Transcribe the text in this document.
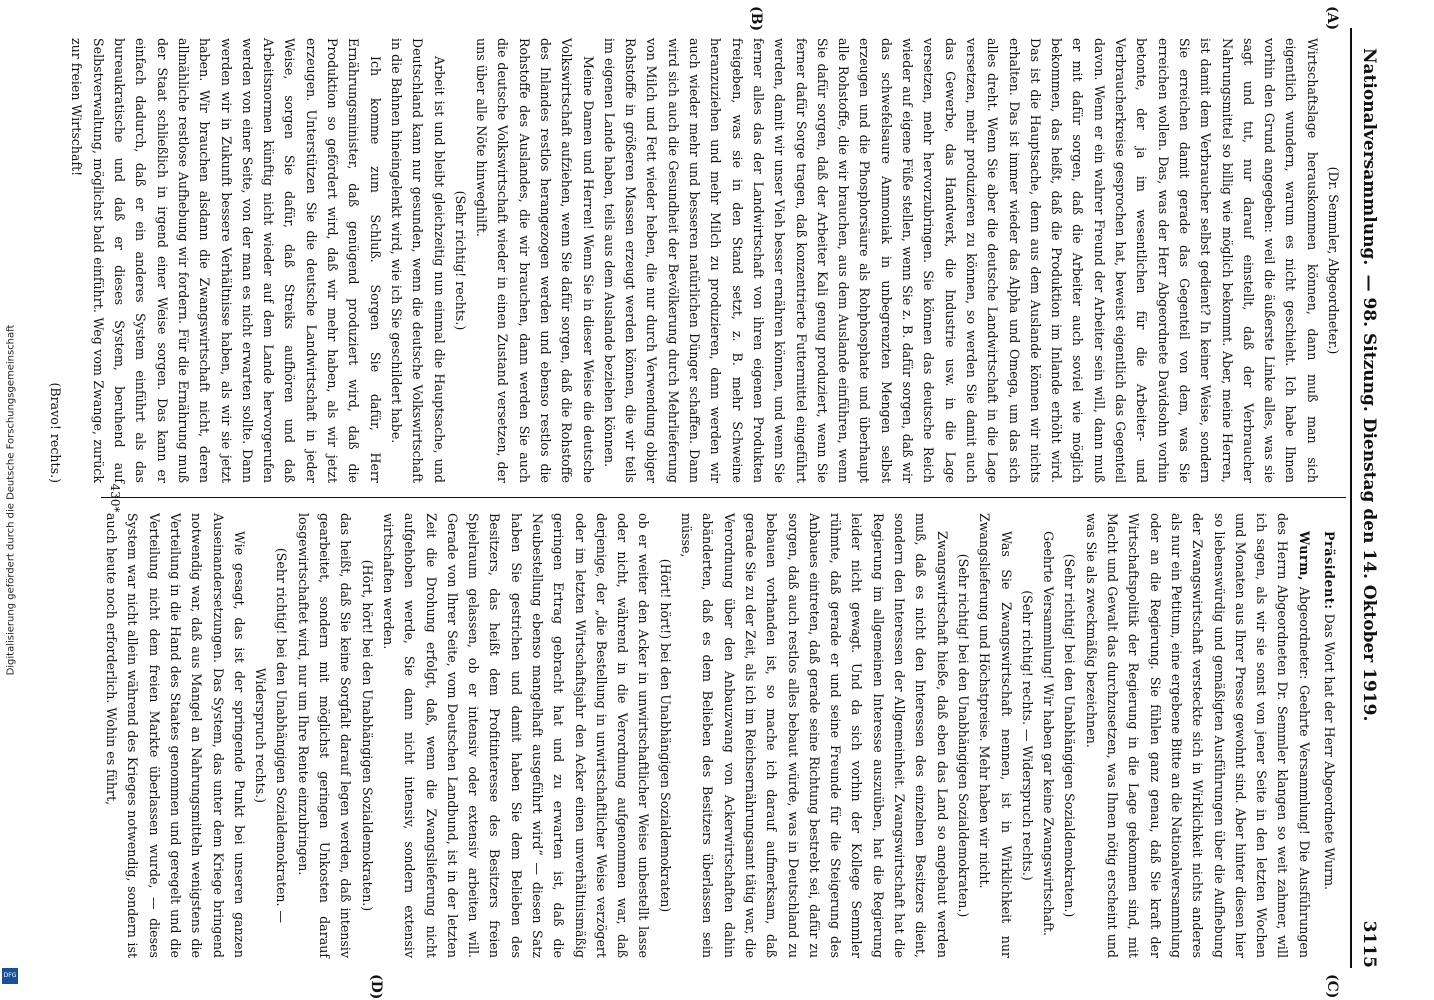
Digitalisierung gefördert durch die Deutsche Forschungsgemeinschaft
DFG
Nationalversammlung.
— 98. Sitzung. Dienstag den 14. Oktober 1919.
3115
(A)
(B)
(C)
(D)

(Dr. Semmler, Abgeordneter.)

Wirtschaftslage herauskommen können, dann muß man sich eigentlich wundern, warum es nicht geschieht. Ich habe Ihnen vorhin den Grund angegeben: weil die äußerste Linke alles, was sie sagt und tut, nur darauf einstellt, daß der Verbraucher Nahrungsmittel so billig wie möglich bekommt. Aber, meine Herren, ist damit dem Verbraucher selbst gedient? In keiner Weise, sondern Sie erreichen damit gerade das Gegenteil von dem, was Sie erreichen wollen. Das, was der Herr Abgeordnete Davidsohn vorhin betonte, der ja im wesentlichen für die Arbeiter- und Verbraucherkreise gesprochen hat, beweist eigentlich das Gegenteil davon. Wenn er ein wahrer Freund der Arbeiter sein will, dann muß er mit dafür sorgen, daß die Arbeiter auch soviel wie möglich bekommen, das heißt, daß die Produktion im Inlande erhöht wird. Das ist die Hauptsache, denn aus dem Auslande können wir nichts erhalten. Das ist immer wieder das Alpha und Omega, um das sich alles dreht. Wenn Sie aber die deutsche Landwirtschaft in die Lage versetzen, mehr produzieren zu können, so werden Sie damit auch das Gewerbe, das Handwerk, die Industrie usw. in die Lage versetzen, mehr hervorzubringen. Sie können das deutsche Reich wieder auf eigene Füße stellen, wenn Sie z. B. dafür sorgen, daß wir das schwefelsaure Ammoniak in unbegrenzten Mengen selbst erzeugen und die Phosphorsäure als Rohphosphate und überhaupt alle Rohstoffe, die wir brauchen, aus dem Auslande einführen, wenn Sie dafür sorgen, daß der Arbeiter Kali genug produziert, wenn Sie ferner dafür Sorge tragen, daß konzentrierte Futtermittel eingeführt werden, damit wir unser Vieh besser ernähren können, und wenn Sie ferner alles das der Landwirtschaft von ihren eigenen Produkten freigeben, was sie in den Stand setzt, z. B. mehr Schweine heranzuziehen und mehr Milch zu produzieren, dann werden wir auch wieder mehr und besseren natürlichen Dünger schaffen. Dann wird sich auch die Gesundheit der Bevölkerung durch Mehrlieferung von Milch und Fett wieder heben, die nur durch Verwendung obiger Rohstoffe in größeren Massen erzeugt werden können, die wir teils im eigenen Lande haben, teils aus dem Auslande beziehen können.

Meine Damen und Herren! Wenn Sie in dieser Weise die deutsche Volkswirtschaft aufziehen, wenn Sie dafür sorgen, daß die Rohstoffe des Inlandes restlos herangezogen werden und ebenso restlos die Rohstoffe des Auslandes, die wir brauchen, dann werden Sie auch die deutsche Volkswirtschaft wieder in einen Zustand versetzen, der uns über alle Nöte hinweghilft.

(Sehr richtig! rechts.)

Arbeit ist und bleibt gleichzeitig nun einmal die Hauptsache, und Deutschland kann nur gesunden, wenn die deutsche Volkswirtschaft in die Bahnen hineingelenkt wird, wie ich Sie geschildert habe.

Ich komme zum Schluß. Sorgen Sie dafür, Herr Ernährungsminister, daß genügend produziert wird, daß die Produktion so gefördert wird, daß wir mehr haben, als wir jetzt erzeugen. Unterstützen Sie die deutsche Landwirtschaft in jeder Weise, sorgen Sie dafür, daß Streiks aufhören und daß Arbeitsnormen künftig nicht wieder auf dem Lande hervorgerufen werden von einer Seite, von der man es nicht erwarten sollte. Dann werden wir in Zukunft bessere Verhältnisse haben, als wir sie jetzt haben. Wir brauchen alsdann die Zwangswirtschaft nicht, deren allmähliche restlose Aufhebung wir fordern. Für die Ernährung muß der Staat schließlich in irgend einer Weise sorgen. Das kann er einfach dadurch, daß er ein anderes System einführt als das bureaukratische und daß er dieses System, beruhend auf Selbstverwaltung, möglichst bald einführt. Weg vom Zwange, zurück zur freien Wirtschaft!

(Bravo! rechts.)

Präsident: Das Wort hat der Herr Abgeordnete Wurm.

Wurm, Abgeordneter: Geehrte Versammlung! Die Ausführungen des Herrn Abgeordneten Dr. Semmler klangen so weit zahmer, will ich sagen, als wir sie sonst von jener Seite in den letzten Wochen und Monaten aus Ihrer Presse gewohnt sind. Aber hinter diesen hier so liebenswürdig und gemäßigten Ausführungen über die Aufhebung der Zwangswirtschaft versteckte sich in Wirklichkeit nichts anderes als nur ein Petitum, eine ergebene Bitte an die Nationalversammlung oder an die Regierung. Sie fühlen ganz genau, daß Sie kraft der Wirtschaftspolitik der Regierung in die Lage gekommen sind, mit Macht und Gewalt das durchzusetzen, was Ihnen nötig erscheint und was Sie als zweckmäßig bezeichnen.

(Sehr richtig! bei den Unabhängigen Sozialdemokraten.)

Geehrte Versammlung! Wir haben gar keine Zwangswirtschaft.

(Sehr richtig! rechts. — Widerspruch rechts.)

Was Sie Zwangswirtschaft nennen, ist in Wirklichkeit nur Zwangslieferung und Höchstpreise. Mehr haben wir nicht.

(Sehr richtig! bei den Unabhängigen Sozialdemokraten.)

Zwangswirtschaft hieße, daß eben das Land so angebaut werden muß, daß es nicht den Interessen des einzelnen Besitzers dient, sondern den Interessen der Allgemeinheit. Zwangswirtschaft hat die Regierung im allgemeinen Interesse auszuüben, hat die Regierung leider nicht gewagt. Und da sich vorhin der Kollege Semmler rühmte, daß gerade er und seine Freunde für die Steigerung des Anbaues eintreten, daß gerade seine Richtung bestrebt sei, dafür zu sorgen, daß auch restlos alles bebaut würde, was in Deutschland zu bebauen vorhanden ist, so mache ich darauf aufmerksam, daß gerade Sie zu der Zeit, als ich im Reichsernährungsamt tätig war, die Verordnung über den Anbauzwang von Ackerwirtschaften dahin abänderten, daß es dem Belieben des Besitzers überlassen sein müsse,

(Hört! hört!) bei den Unabhängigen Sozialdemokraten)

ob er weiter den Acker in unwirtschaftlicher Weise unbestellt lasse oder nicht, während in die Verordnung aufgenommen war, daß derjenige, der „die Bestellung in unwirtschaftlicher Weise verzögert oder im letzten Wirtschaftsjahr den Acker einen unverhältnismäßig geringen Ertrag gebracht hat und zu erwarten ist, daß die Neubestellung ebenso mangelhaft ausgeführt wird“ — diesen Satz haben Sie gestrichen und damit haben Sie dem Belieben des Besitzers, das heißt dem Profitinteresse des Besitzers freien Spielraum gelassen, ob er intensiv oder extensiv arbeiten will. Gerade von Ihrer Seite, vom Deutschen Landbund, ist in der letzten Zeit die Drohung erfolgt, daß, wenn die Zwangslieferung nicht aufgehoben werde, Sie dann nicht intensiv, sondern extensiv wirtschaften werden.

(Hört, hört! bei den Unabhängigen Sozialdemokraten.)

das heißt, daß Sie keine Sorgfalt darauf legen werden, daß intensiv gearbeitet, sondern mit möglichst geringen Unkosten darauf losgewirtschaftet wird, nur um Ihre Rente einzubringen.

(Sehr richtig! bei den Unabhängigen Sozialdemokraten. — Widerspruch rechts.)

Wie gesagt, das ist der springende Punkt bei unseren ganzen Auseinandersetzungen. Das System, das unter dem Kriege bringend notwendig war, daß aus Mangel an Nahrungsmitteln wenigstens die Verteilung in die Hand des Staates genommen und geregelt und die Verteilung nicht dem freien Markte überlassen wurde, — dieses System war nicht allein während des Krieges notwendig, sondern ist auch heute noch erforderlich. Wohin es führt,

430*
